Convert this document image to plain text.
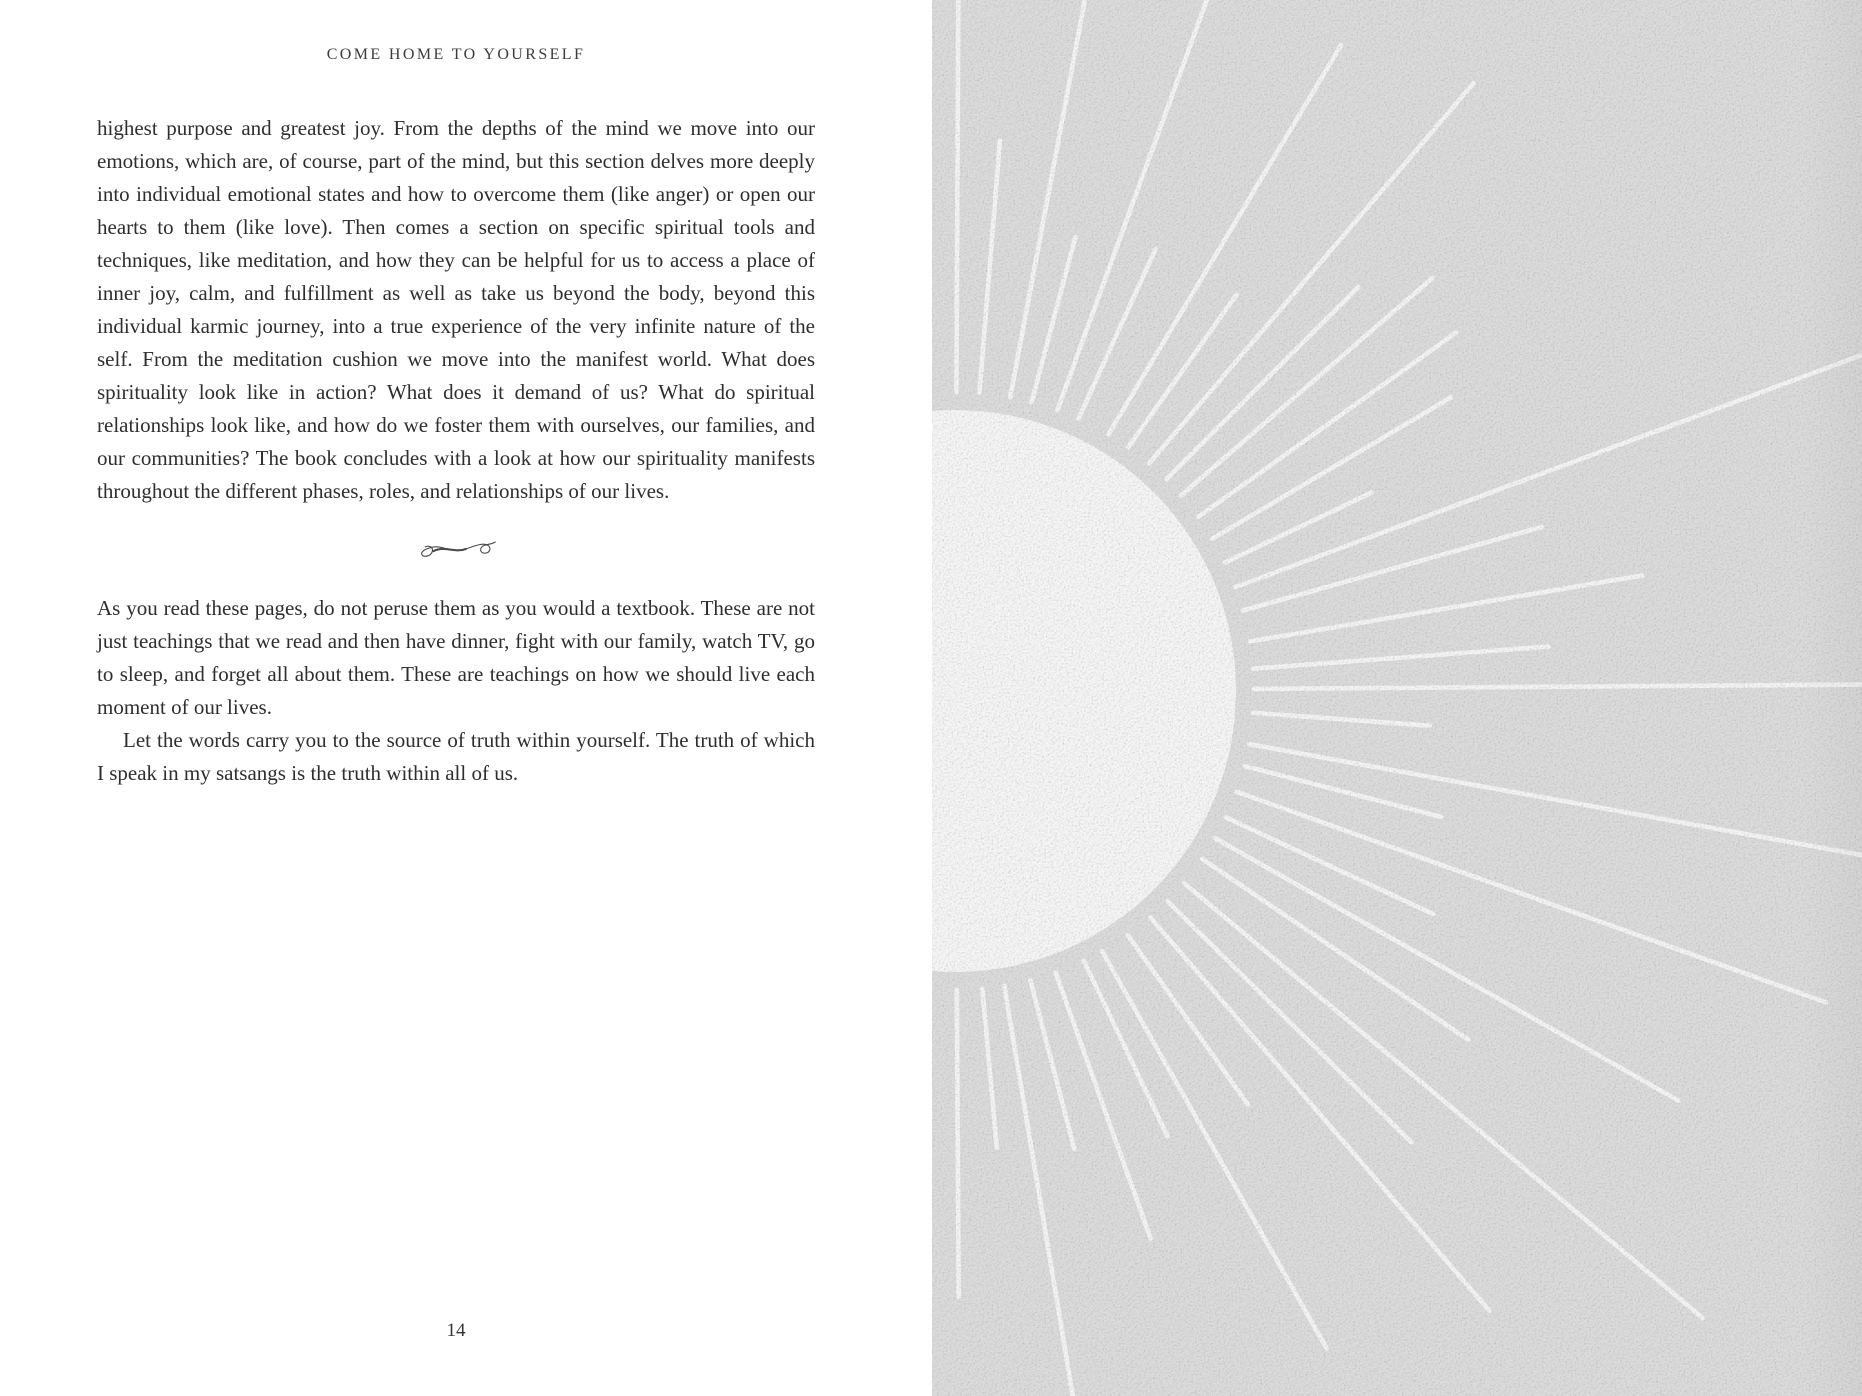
COME HOME TO YOURSELF

highest purpose and greatest joy. From the depths of the mind we move into our emotions, which are, of course, part of the mind, but this section delves more deeply into individual emotional states and how to overcome them (like anger) or open our hearts to them (like love). Then comes a section on specific spiritual tools and techniques, like meditation, and how they can be helpful for us to access a place of inner joy, calm, and fulfillment as well as take us beyond the body, beyond this individual karmic journey, into a true experience of the very infinite nature of the self. From the meditation cushion we move into the manifest world. What does spirituality look like in action? What does it demand of us? What do spiritual relationships look like, and how do we foster them with ourselves, our families, and our communities? The book concludes with a look at how our spirituality manifests throughout the different phases, roles, and relationships of our lives.

As you read these pages, do not peruse them as you would a textbook. These are not just teachings that we read and then have dinner, fight with our family, watch TV, go to sleep, and forget all about them. These are teachings on how we should live each moment of our lives.

Let the words carry you to the source of truth within yourself. The truth of which I speak in my satsangs is the truth within all of us.

14
